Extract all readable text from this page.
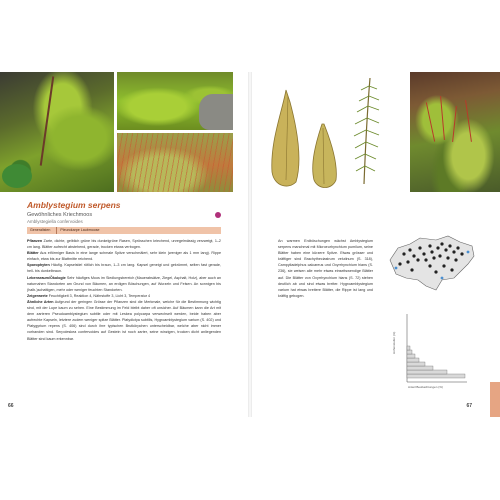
Amblystegium serpens
Gewöhnliches Kriechmoos
Amblystegiella confervoides
Generalisten	Pleurokarpe Laubmoose

Pflanzen Zarte, dichte, gelblich grüne bis dunkelgrüne Rasen, Sprösschen kriechend, unregelmässig verzweigt, 1–2 cm lang. Blätter aufrecht abstehend, gerade, trocken etwas verbogen.

Blätter Aus eiförmiger Basis in eine lange schmale Spitze verschmälert, sehr klein (weniger als 1 mm lang). Rippe einfach, etwa bis zur Blattmitte reichend.

Sporophyten Häufig. Kapselstiel rötlich bis braun, 1–3 cm lang. Kapsel geneigt und gekrümmt, selten fast gerade, hell- bis dunkelbraun.

Lebensraum/Ökologie Sehr häufiges Moos im Siedlungsbereich (Mauerabsätze, Ziegel, Asphalt, Holz), aber auch an naturnahen Standorten am Grund von Bäumen, an erdigen Böschungen, auf Wurzeln und Felsen. An sonnigen bis (halb-)schattigen, mehr oder weniger feuchten Standorten.

Zeigerwerte Feuchtigkeit 3, Reaktion 4, Nährstoffe 3, Licht 3, Temperatur 4

Ähnliche Arten Aufgrund der geringen Grösse der Pflanzen sind die Merkmale, welche für die Bestimmung wichtig sind, mit der Lupe kaum zu sehen. Eine Bestimmung im Feld bleibt daher oft unsicher. Auf Bäumen kann die Art mit dem zarteren Pseudoamblystegium subtile oder mit Leskea polycarpa verwechselt werden, beide haben aber aufrechte Kapseln, letztere zudem weniger spitze Blätter. Platydictya subtilis, Hygroamblystegium varium (S. 402) und Platygyrium repens (S. 406) sind durch ihre typischen Brutkörpchen unterscheidbar, welche aber nicht immer vorhanden sind. Serpoleskea confervoides auf Gestein ist noch zarter, seine winzigen, trocken dicht anliegenden Blätter sind kaum erkennbar.

66
An warmen Erdböschungen wächst Amblystegium serpens manchmal mit Microeurhynchium pumilum, seine Blätter haben eine kürzere Spitze. Etwas grösser und kräftiger sind Brachytheciastrum velutinum (S. 318), Campyliadelphus calcareus und Oxyrrhynchium hians (S. 236), sie weisen alle mehr etwas einseitswendige Blätter auf. Die Blätter von Oxyrrhynchium hians (S. 72) stehen deutlich ab und sind etwas breiter. Hygroamblystegium varium hat etwas breitere Blätter, die Rippe ist lang und kräftig gebogen.
Anteil Beobachtungen (%)
Höhenstufen (m)
67
